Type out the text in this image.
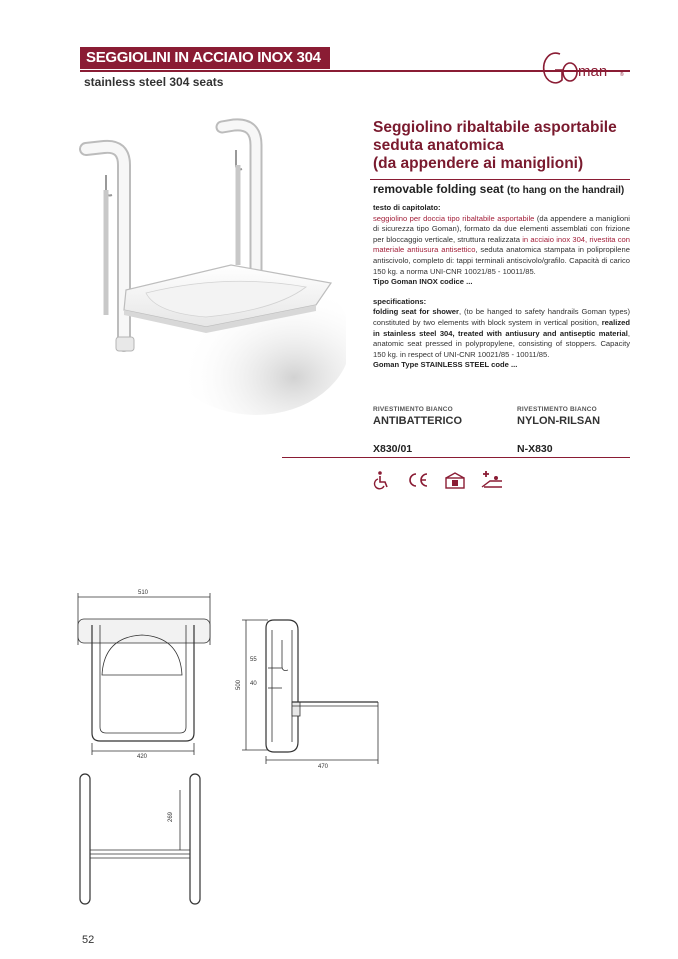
SEGGIOLINI IN ACCIAIO INOX 304
stainless steel 304 seats
man	®
Seggiolino ribaltabile asportabile
seduta anatomica
(da appendere ai maniglioni)
removable folding seat (to hang on the handrail)

testo di capitolato:

seggiolino per doccia tipo ribaltabile asportabile (da appendere a maniglioni di sicurezza tipo Goman), formato da due elementi assemblati con frizione per bloccaggio verticale, struttura realizzata in acciaio inox 304, rivestita con materiale antiusura antisettico, seduta anatomica stampata in polipropilene antiscivolo, completo di: tappi terminali antiscivolo/grafilo. Capacità di carico 150 kg. a norma UNI-CNR 10021/85 - 10011/85.

Tipo Goman INOX codice ...

specifications:

folding seat for shower, (to be hanged to safety handrails Goman types) constituted by two elements with block system in vertical position, realized in stainless steel 304, treated with antiusury and antiseptic material, anatomic seat pressed in polypropylene, consisting of stoppers. Capacity 150 kg. in respect of UNI-CNR 10021/85 - 10011/85.

Goman Type STAINLESS STEEL code ...

RIVESTIMENTO BIANCO
ANTIBATTERICO
RIVESTIMENTO BIANCO
NYLON-RILSAN
X830/01	N-X830
510
420
500
55
40
470
269
52
